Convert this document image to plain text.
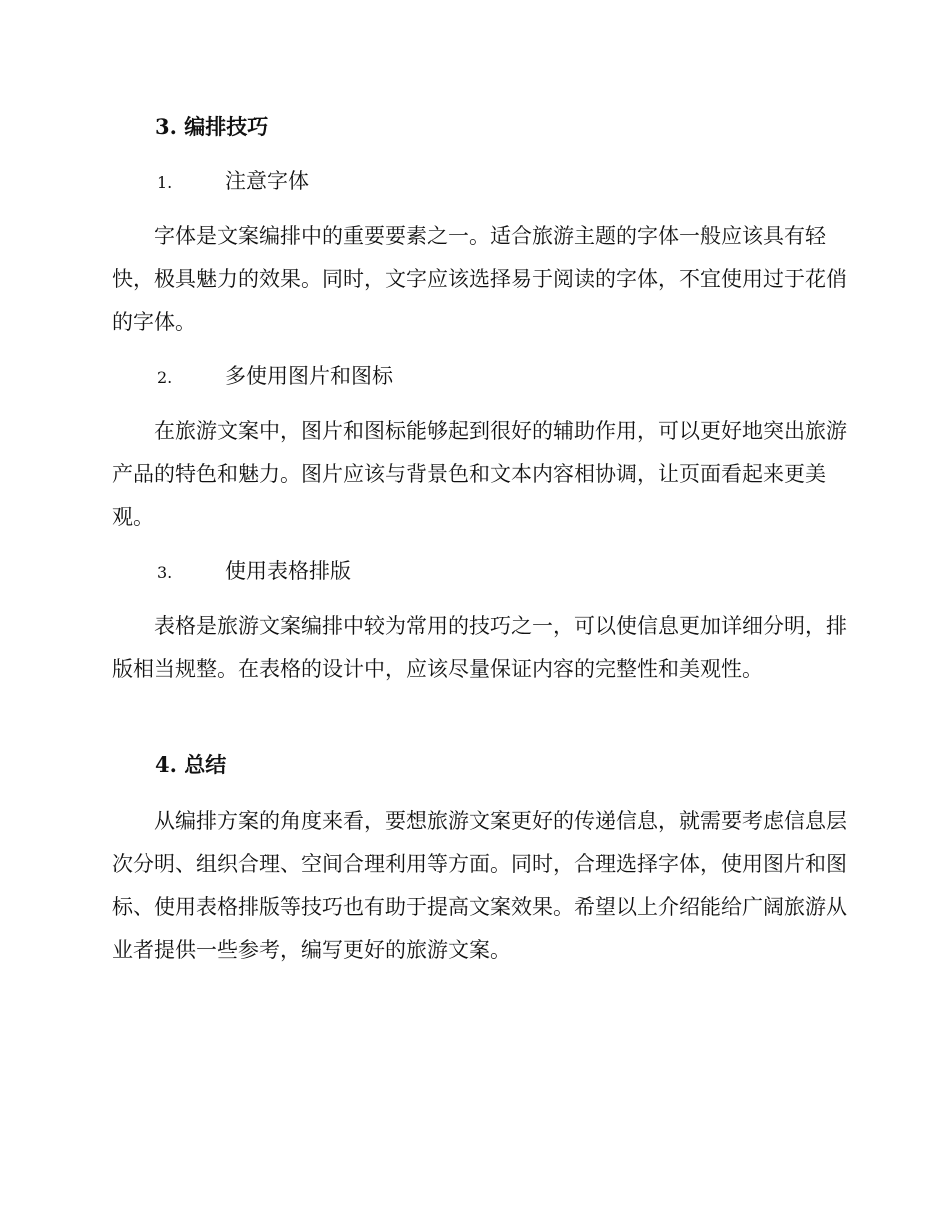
3. 编排技巧

1.	注意字体

字体是文案编排中的重要要素之一。适合旅游主题的字体一般应该具有轻快，极具魅力的效果。同时，文字应该选择易于阅读的字体，不宜使用过于花俏的字体。

2.	多使用图片和图标

在旅游文案中，图片和图标能够起到很好的辅助作用，可以更好地突出旅游产品的特色和魅力。图片应该与背景色和文本内容相协调，让页面看起来更美观。

3.	使用表格排版

表格是旅游文案编排中较为常用的技巧之一，可以使信息更加详细分明，排版相当规整。在表格的设计中，应该尽量保证内容的完整性和美观性。

4. 总结

从编排方案的角度来看，要想旅游文案更好的传递信息，就需要考虑信息层次分明、组织合理、空间合理利用等方面。同时，合理选择字体，使用图片和图标、使用表格排版等技巧也有助于提高文案效果。希望以上介绍能给广阔旅游从业者提供一些参考，编写更好的旅游文案。
